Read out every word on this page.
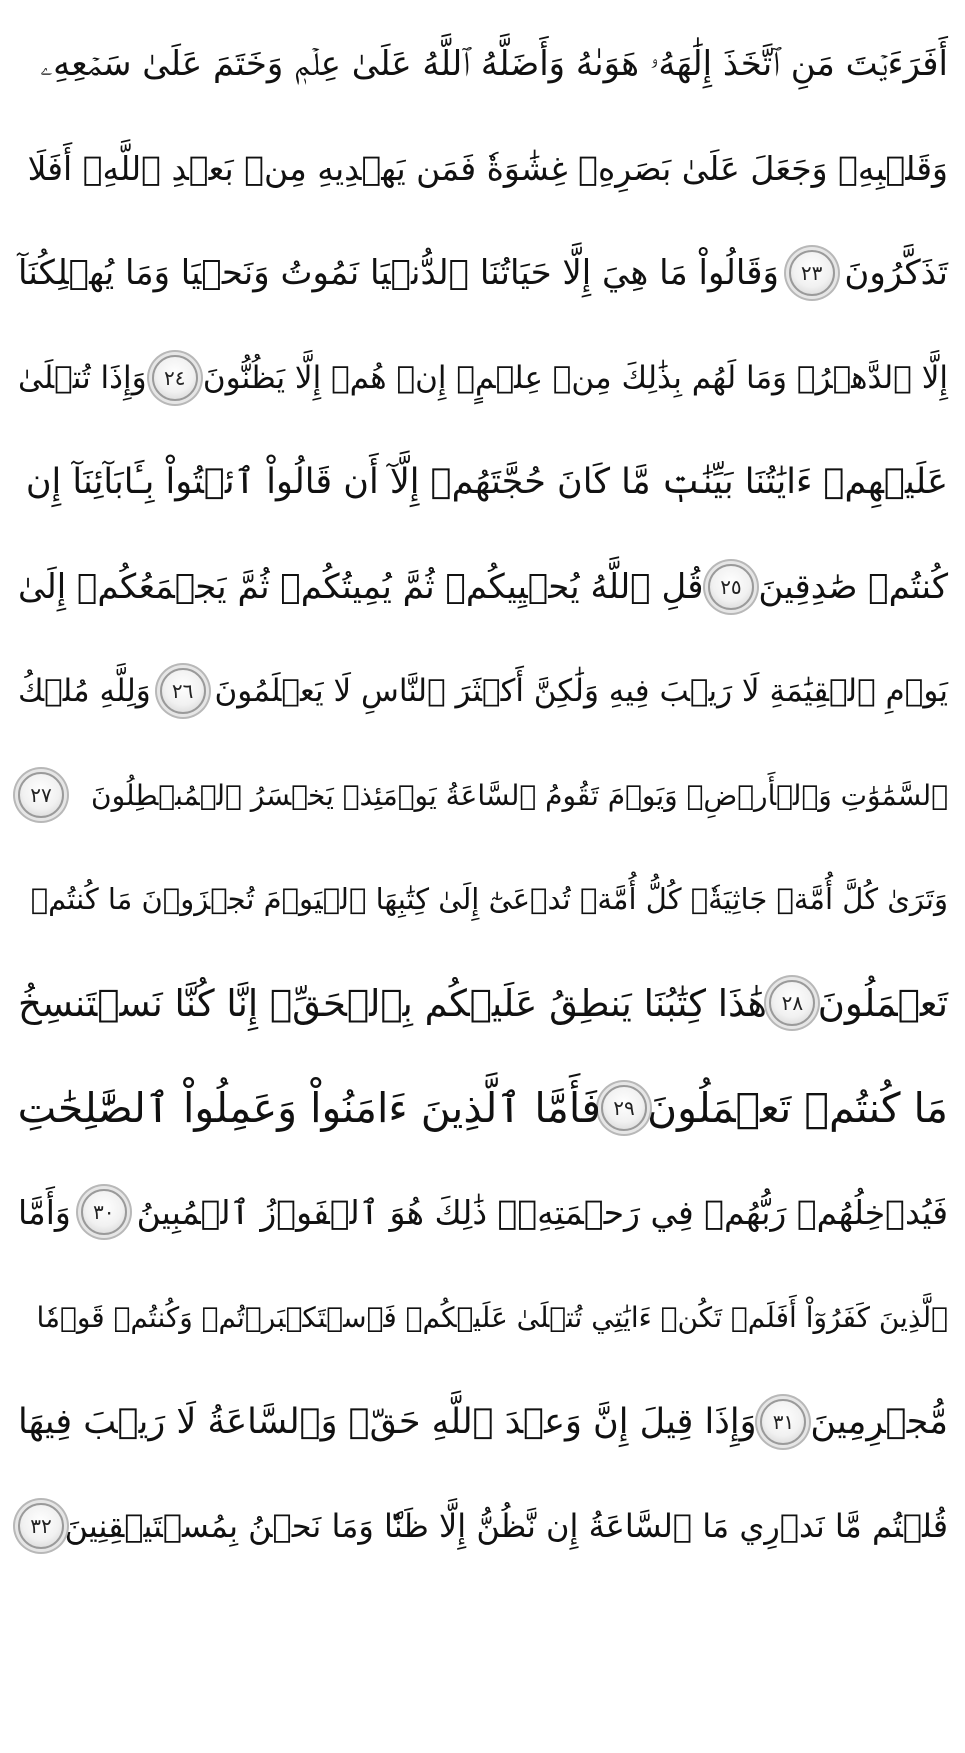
أَفَرَءَيۡتَ مَنِ ٱتَّخَذَ إِلَٰهَهُۥ هَوَىٰهُ وَأَضَلَّهُ ٱللَّهُ عَلَىٰ عِلۡمٖ وَخَتَمَ عَلَىٰ سَمۡعِهِۦ
وَقَلۡبِهِۦ وَجَعَلَ عَلَىٰ بَصَرِهِۦ غِشَٰوَةٗ فَمَن يَهۡدِيهِ مِنۢ بَعۡدِ ٱللَّهِۚ أَفَلَا
تَذَكَّرُونَ
٢٣
وَقَالُواْ مَا هِيَ إِلَّا حَيَاتُنَا ٱلدُّنۡيَا نَمُوتُ وَنَحۡيَا وَمَا يُهۡلِكُنَآ
إِلَّا ٱلدَّهۡرُۚ وَمَا لَهُم بِذَٰلِكَ مِنۡ عِلۡمٍۖ إِنۡ هُمۡ إِلَّا يَظُنُّونَ
٢٤
وَإِذَا تُتۡلَىٰ
عَلَيۡهِمۡ ءَايَٰتُنَا بَيِّنَٰتٖ مَّا كَانَ حُجَّتَهُمۡ إِلَّآ أَن قَالُواْ ٱئۡتُواْ بِـَٔابَآئِنَآ إِن
كُنتُمۡ صَٰدِقِينَ
٢٥
قُلِ ٱللَّهُ يُحۡيِيكُمۡ ثُمَّ يُمِيتُكُمۡ ثُمَّ يَجۡمَعُكُمۡ إِلَىٰ
يَوۡمِ ٱلۡقِيَٰمَةِ لَا رَيۡبَ فِيهِ وَلَٰكِنَّ أَكۡثَرَ ٱلنَّاسِ لَا يَعۡلَمُونَ
٢٦
وَلِلَّهِ مُلۡكُ
ٱلسَّمَٰوَٰتِ وَٱلۡأَرۡضِۚ وَيَوۡمَ تَقُومُ ٱلسَّاعَةُ يَوۡمَئِذٖ يَخۡسَرُ ٱلۡمُبۡطِلُونَ
٢٧
وَتَرَىٰ كُلَّ أُمَّةٖ جَاثِيَةٗۚ كُلُّ أُمَّةٖ تُدۡعَىٰٓ إِلَىٰ كِتَٰبِهَا ٱلۡيَوۡمَ تُجۡزَوۡنَ مَا كُنتُمۡ
تَعۡمَلُونَ
٢٨
هَٰذَا كِتَٰبُنَا يَنطِقُ عَلَيۡكُم بِٱلۡحَقِّۚ إِنَّا كُنَّا نَسۡتَنسِخُ
مَا كُنتُمۡ تَعۡمَلُونَ
٢٩
فَأَمَّا ٱلَّذِينَ ءَامَنُواْ وَعَمِلُواْ ٱلصَّٰلِحَٰتِ
فَيُدۡخِلُهُمۡ رَبُّهُمۡ فِي رَحۡمَتِهِۦۚ ذَٰلِكَ هُوَ ٱلۡفَوۡزُ ٱلۡمُبِينُ
٣٠
وَأَمَّا
ٱلَّذِينَ كَفَرُوٓاْ أَفَلَمۡ تَكُنۡ ءَايَٰتِي تُتۡلَىٰ عَلَيۡكُمۡ فَٱسۡتَكۡبَرۡتُمۡ وَكُنتُمۡ قَوۡمٗا
مُّجۡرِمِينَ
٣١
وَإِذَا قِيلَ إِنَّ وَعۡدَ ٱللَّهِ حَقّٞ وَٱلسَّاعَةُ لَا رَيۡبَ فِيهَا
قُلۡتُم مَّا نَدۡرِي مَا ٱلسَّاعَةُ إِن نَّظُنُّ إِلَّا ظَنّٗا وَمَا نَحۡنُ بِمُسۡتَيۡقِنِينَ
٣٢
